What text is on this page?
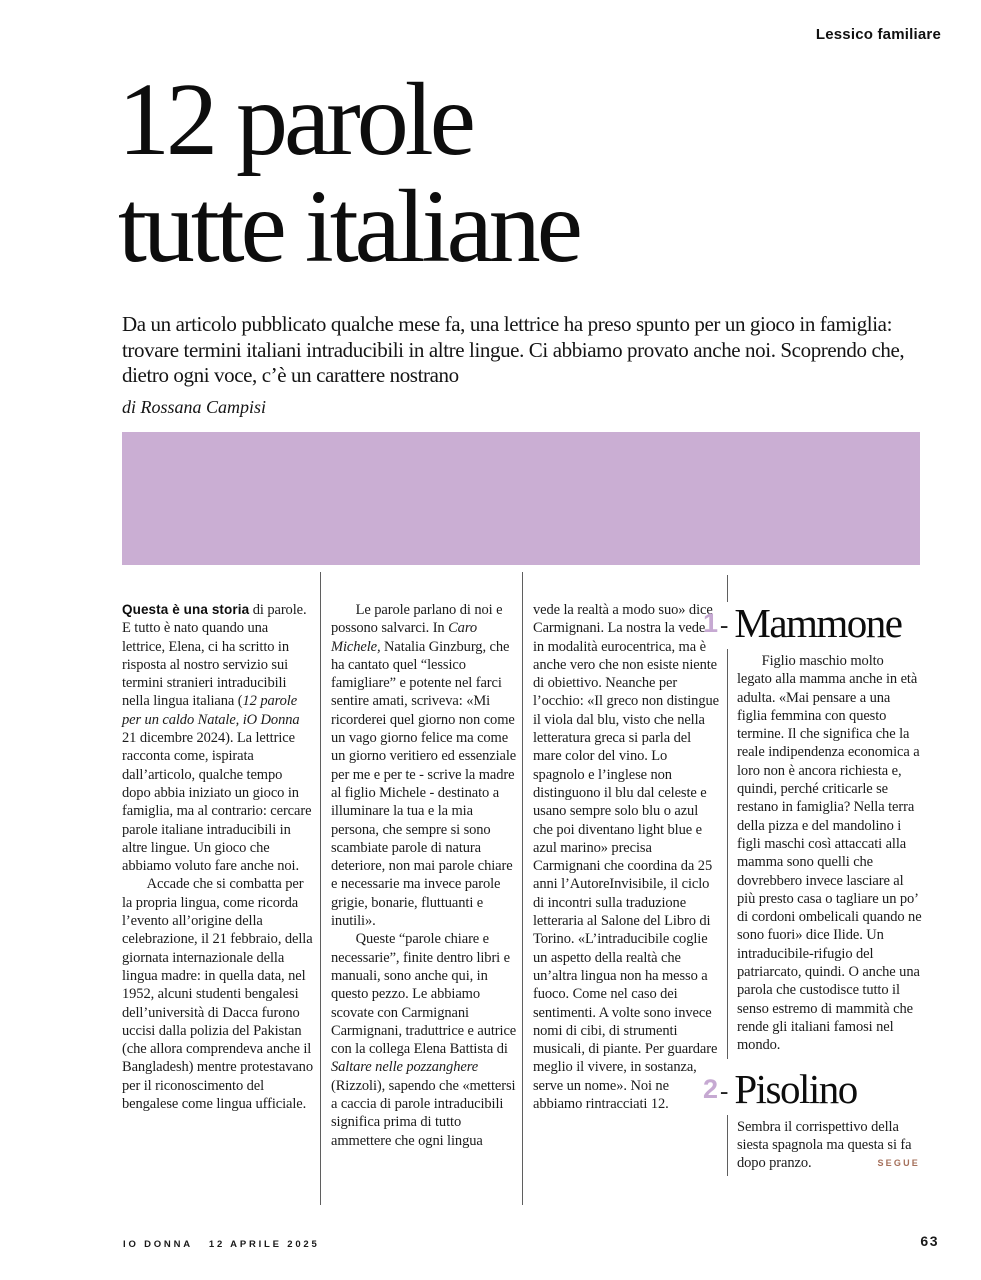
Lessico familiare
12 parole
tutte italiane
Da un articolo pubblicato qualche mese fa, una lettrice ha preso spunto per un gioco in famiglia: trovare termini italiani intraducibili in altre lingue. Ci abbiamo provato anche noi. Scoprendo che, dietro ogni voce, c’è un carattere nostrano
di Rossana Campisi

Questa è una storia di parole. E tutto è nato quando una lettrice, Elena, ci ha scritto in risposta al nostro servizio sui termini stranieri intraducibili nella lingua italiana (12 parole per un caldo Natale, iO Donna 21 dicembre 2024). La lettrice racconta come, ispirata dall’articolo, qualche tempo dopo abbia iniziato un gioco in famiglia, ma al contrario: cercare parole italiane intraducibili in altre lingue. Un gioco che abbiamo voluto fare anche noi.

Accade che si combatta per la propria lingua, come ricorda l’evento all’origine della celebrazione, il 21 febbraio, della giornata internazionale della lingua madre: in quella data, nel 1952, alcuni studenti bengalesi dell’università di Dacca furono uccisi dalla polizia del Pakistan (che allora comprendeva anche il Bangladesh) mentre protestavano per il riconoscimento del bengalese come lingua ufficiale.

Le parole parlano di noi e possono salvarci. In Caro Michele, Natalia Ginzburg, che ha cantato quel “lessico famigliare” e potente nel farci sentire amati, scriveva: «Mi ricorderei quel giorno non come un vago giorno felice ma come un giorno veritiero ed essenziale per me e per te - scrive la madre al figlio Michele - destinato a illuminare la tua e la mia persona, che sempre si sono scambiate parole di natura deteriore, non mai parole chiare e necessarie ma invece parole grigie, bonarie, fluttuanti e inutili».

Queste “parole chiare e necessarie”, finite dentro libri e manuali, sono anche qui, in questo pezzo. Le abbiamo scovate con Carmignani Carmignani, traduttrice e autrice con la collega Elena Battista di Saltare nelle pozzanghere (Rizzoli), sapendo che «mettersi a caccia di parole intraducibili significa prima di tutto ammettere che ogni lingua

vede la realtà a modo suo» dice Carmignani. La nostra la vede in modalità eurocentrica, ma è anche vero che non esiste niente di obiettivo. Neanche per l’occhio: «Il greco non distingue il viola dal blu, visto che nella letteratura greca si parla del mare color del vino. Lo spagnolo e l’inglese non distinguono il blu dal celeste e usano sempre solo blu o azul che poi diventano light blue e azul marino» precisa Carmignani che coordina da 25 anni l’AutoreInvisibile, il ciclo di incontri sulla traduzione letteraria al Salone del Libro di Torino. «L’intraducibile coglie un aspetto della realtà che un’altra lingua non ha messo a fuoco. Come nel caso dei sentimenti. A volte sono invece nomi di cibi, di strumenti musicali, di piante. Per guardare meglio il vivere, in sostanza, serve un nome». Noi ne abbiamo rintracciati 12.

1 - Mammone
Figlio maschio molto legato alla mamma anche in età adulta. «Mai pensare a una figlia femmina con questo termine. Il che significa che la reale indipendenza economica a loro non è ancora richiesta e, quindi, perché criticarle se restano in famiglia? Nella terra della pizza e del mandolino i figli maschi così attaccati alla mamma sono quelli che dovrebbero invece lasciare al più presto casa o tagliare un po’ di cordoni ombelicali quando ne sono fuori» dice Ilide. Un intraducibile-rifugio del patriarcato, quindi. O anche una parola che custodisce tutto il senso estremo di mammità che rende gli italiani famosi nel mondo.
2 - Pisolino
Sembra il corrispettivo della siesta spagnola ma questa si fa dopo pranzo.	SEGUE
IO DONNA 12 APRILE 2025	63
